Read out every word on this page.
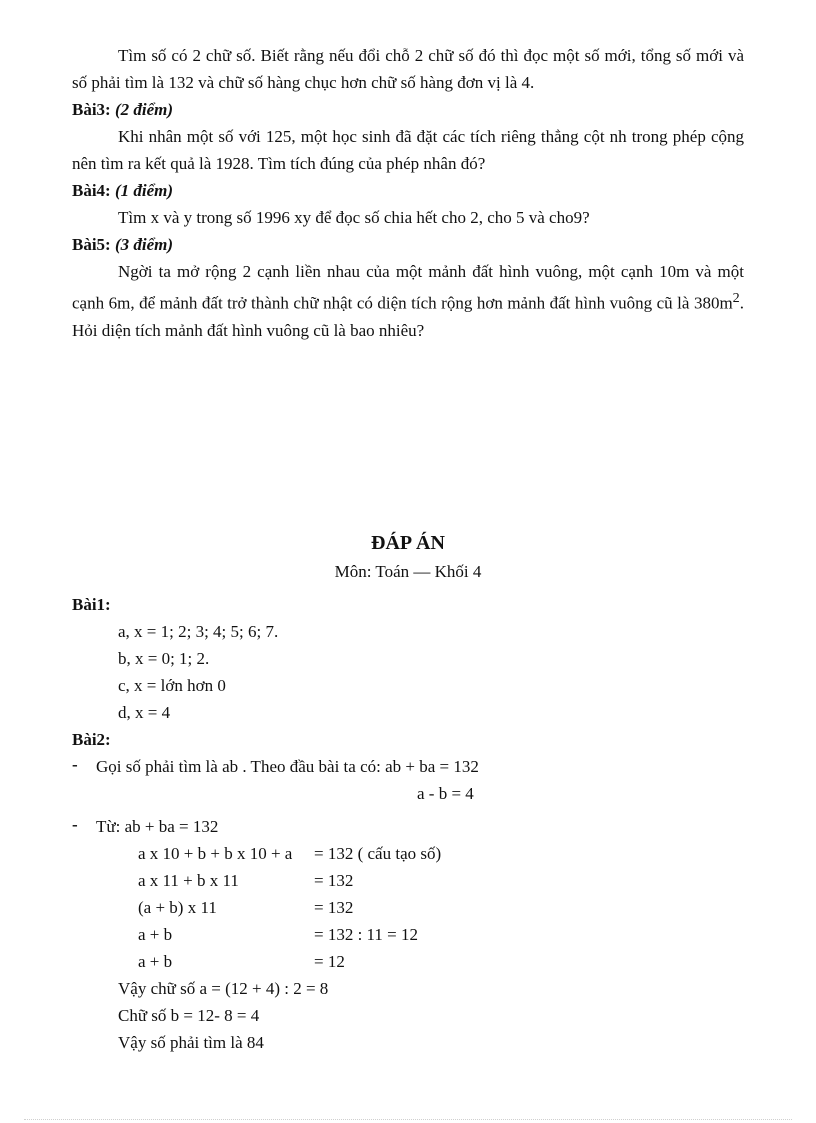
Tìm số có 2 chữ số. Biết rằng nếu đổi chỗ 2 chữ số đó thì đọc một số mới, tổng số mới và số phải tìm là 132 và chữ số hàng chục hơn chữ số hàng đơn vị là 4.

Bài3: (2 điểm)

Khi nhân một số với 125, một học sinh đã đặt các tích riêng thẳng cột nh trong phép cộng nên tìm ra kết quả là 1928. Tìm tích đúng của phép nhân đó?

Bài4: (1 điểm)

Tìm x và y trong số 1996 xy để đọc số chia hết cho 2, cho 5 và cho9?

Bài5: (3 điểm)

Ngời ta mở rộng 2 cạnh liền nhau của một mảnh đất hình vuông, một cạnh 10m và một cạnh 6m, để mảnh đất trở thành chữ nhật có diện tích rộng hơn mảnh đất hình vuông cũ là $380m^2$. Hỏi diện tích mảnh đất hình vuông cũ là bao nhiêu?

ĐÁP ÁN

Môn: Toán — Khối 4

Bài1:

a, x = 1; 2; 3; 4; 5; 6; 7.

b, x = 0; 1; 2.

c, x = lớn hơn 0

d, x = 4

Bài2:

- Gọi số phải tìm là ab . Theo đầu bài ta có: ab + ba = 132

a - b = 4

- Từ: ab + ba = 132

a x 10 + b + b x 10 + a	= 132 ( cấu tạo số)
a x 11 + b x 11	= 132
(a + b) x 11	= 132
a + b	= 132 : 11 = 12
a + b	= 12

Vậy chữ số a = (12 + 4) : 2 = 8

Chữ số b = 12- 8 = 4

Vậy số phải tìm là 84
